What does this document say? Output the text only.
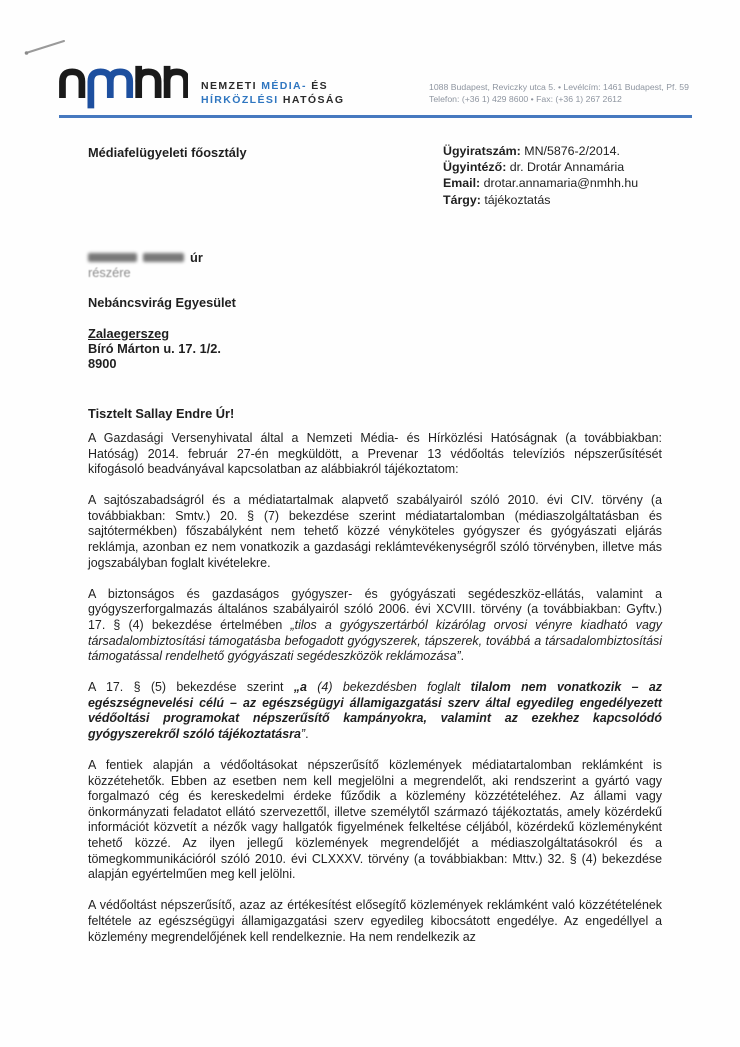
NEMZETI MÉDIA- ÉS
HÍRKÖZLÉSI HATÓSÁG
1088 Budapest, Reviczky utca 5. • Levélcím: 1461 Budapest, Pf. 59
Telefon: (+36 1) 429 8600 • Fax: (+36 1) 267 2612
Médiafelügyeleti főosztály	Ügyiratszám: MN/5876-2/2014.
Ügyintéző: dr. Drotár Annamária
Email: drotar.annamaria@nmhh.hu
Tárgy: tájékoztatás
úr
részére
Nebáncsvirág Egyesület
Zalaegerszeg
Bíró Márton u. 17. 1/2.
8900
Tisztelt Sallay Endre Úr!

A Gazdasági Versenyhivatal által a Nemzeti Média- és Hírközlési Hatóságnak (a továbbiakban: Hatóság) 2014. február 27-én megküldött, a Prevenar 13 védőoltás televíziós népszerűsítését kifogásoló beadványával kapcsolatban az alábbiakról tájékoztatom:

A sajtószabadságról és a médiatartalmak alapvető szabályairól szóló 2010. évi CIV. törvény (a továbbiakban: Smtv.) 20. § (7) bekezdése szerint médiatartalomban (médiaszolgáltatásban és sajtótermékben) főszabályként nem tehető közzé vényköteles gyógyszer és gyógyászati eljárás reklámja, azonban ez nem vonatkozik a gazdasági reklámtevékenységről szóló törvényben, illetve más jogszabályban foglalt kivételekre.

A biztonságos és gazdaságos gyógyszer- és gyógyászati segédeszköz-ellátás, valamint a gyógyszerforgalmazás általános szabályairól szóló 2006. évi XCVIII. törvény (a továbbiakban: Gyftv.) 17. § (4) bekezdése értelmében „tilos a gyógyszertárból kizárólag orvosi vényre kiadható vagy társadalombiztosítási támogatásba befogadott gyógyszerek, tápszerek, továbbá a társadalombiztosítási támogatással rendelhető gyógyászati segédeszközök reklámozása”.

A 17. § (5) bekezdése szerint „a (4) bekezdésben foglalt tilalom nem vonatkozik – az egészségnevelési célú – az egészségügyi államigazgatási szerv által egyedileg engedélyezett védőoltási programokat népszerűsítő kampányokra, valamint az ezekhez kapcsolódó gyógyszerekről szóló tájékoztatásra”.

A fentiek alapján a védőoltásokat népszerűsítő közlemények médiatartalomban reklámként is közzétehetők. Ebben az esetben nem kell megjelölni a megrendelőt, aki rendszerint a gyártó vagy forgalmazó cég és kereskedelmi érdeke fűződik a közlemény közzétételéhez. Az állami vagy önkormányzati feladatot ellátó szervezettől, illetve személytől származó tájékoztatás, amely közérdekű információt közvetít a nézők vagy hallgatók figyelmének felkeltése céljából, közérdekű közleményként tehető közzé. Az ilyen jellegű közlemények megrendelőjét a médiaszolgáltatásokról és a tömegkommunikációról szóló 2010. évi CLXXXV. törvény (a továbbiakban: Mttv.) 32. § (4) bekezdése alapján egyértelműen meg kell jelölni.

A védőoltást népszerűsítő, azaz az értékesítést elősegítő közlemények reklámként való közzétételének feltétele az egészségügyi államigazgatási szerv egyedileg kibocsátott engedélye. Az engedéllyel a közlemény megrendelőjének kell rendelkeznie. Ha nem rendelkezik az
